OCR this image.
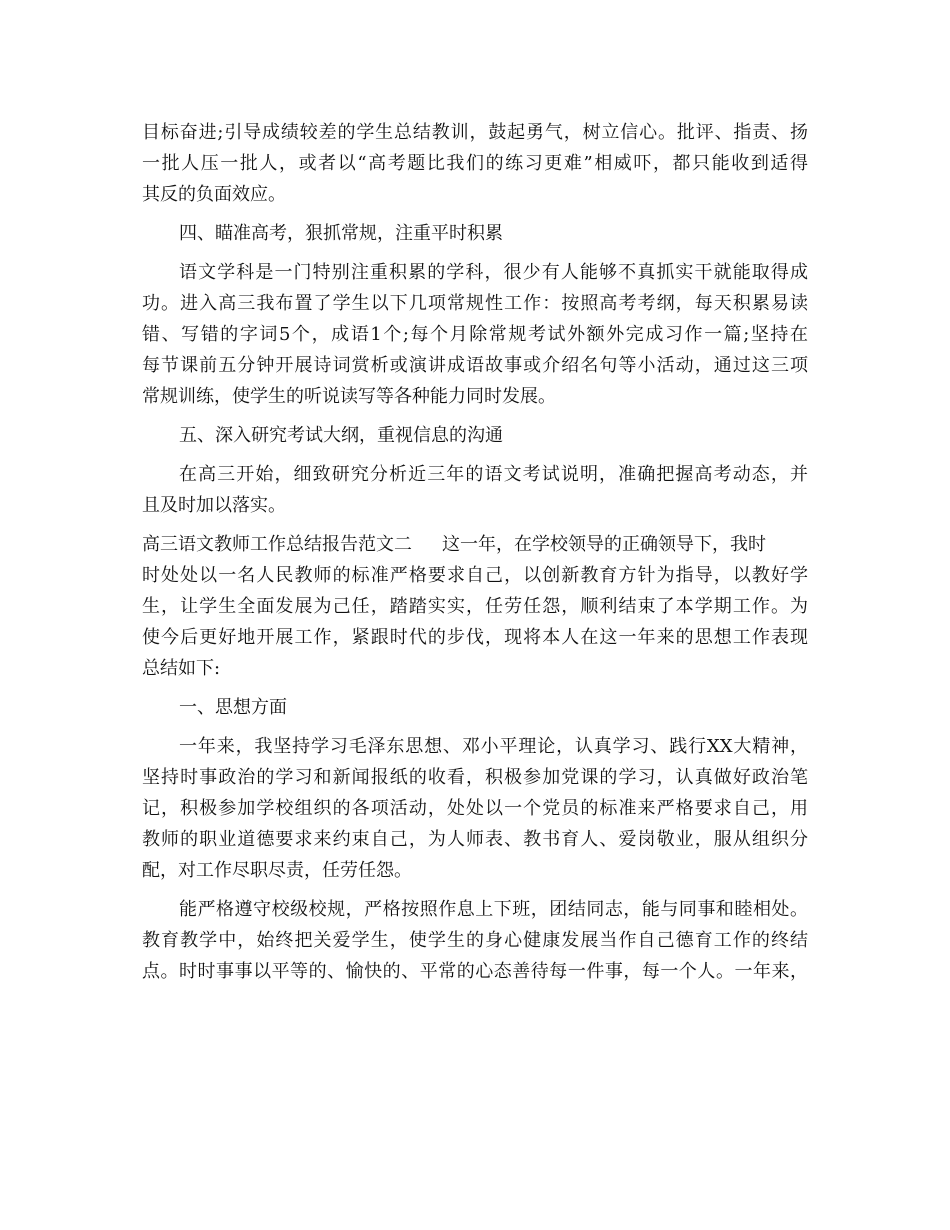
目标奋进;引导成绩较差的学生总结教训，鼓起勇气，树立信心。批评、指责、扬
一批人压一批人，或者以“高考题比我们的练习更难”相威吓，都只能收到适得
其反的负面效应。
四、瞄准高考，狠抓常规，注重平时积累
语文学科是一门特别注重积累的学科，很少有人能够不真抓实干就能取得成
功。进入高三我布置了学生以下几项常规性工作：按照高考考纲，每天积累易读
错、写错的字词5个，成语1个;每个月除常规考试外额外完成习作一篇;坚持在
每节课前五分钟开展诗词赏析或演讲成语故事或介绍名句等小活动，通过这三项
常规训练，使学生的听说读写等各种能力同时发展。
五、深入研究考试大纲，重视信息的沟通
在高三开始，细致研究分析近三年的语文考试说明，准确把握高考动态，并
且及时加以落实。
高三语文教师工作总结报告范文二 这一年，在学校领导的正确领导下，我时
时处处以一名人民教师的标准严格要求自己，以创新教育方针为指导，以教好学
生，让学生全面发展为己任，踏踏实实，任劳任怨，顺利结束了本学期工作。为
使今后更好地开展工作，紧跟时代的步伐，现将本人在这一年来的思想工作表现
总结如下:
一、思想方面
一年来，我坚持学习毛泽东思想、邓小平理论，认真学习、践行XX大精神，
坚持时事政治的学习和新闻报纸的收看，积极参加党课的学习，认真做好政治笔
记，积极参加学校组织的各项活动，处处以一个党员的标准来严格要求自己，用
教师的职业道德要求来约束自己，为人师表、教书育人、爱岗敬业，服从组织分
配，对工作尽职尽责，任劳任怨。
能严格遵守校级校规，严格按照作息上下班，团结同志，能与同事和睦相处。
教育教学中，始终把关爱学生，使学生的身心健康发展当作自己德育工作的终结
点。时时事事以平等的、愉快的、平常的心态善待每一件事，每一个人。一年来，
